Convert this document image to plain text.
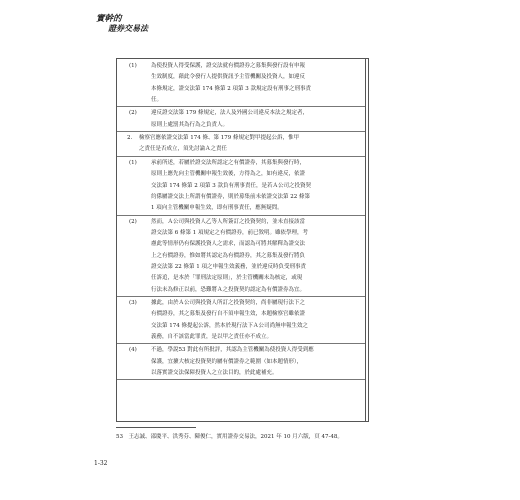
實幹的
證券交易法
(1)	為使投資人得受保護，證交法就有價證券之募集與發行設有申報
生效制度，藉此令發行人提供資訊予主管機關及投資人，如違反
本條規定，證交法第 174 條第 2 項第 3 款規定設有刑事之刑事責
任。
(2)	違反證交法第 179 條規定，法人及外國公司違反本法之規定者，
原則上處罰其為行為之負責人。
2. 檢察官應依證交法第 174 條、第 179 條規定對甲提起公訴，惟甲
之責任是否成立，須先討論Ａ之責任
(1)	承前所述，若屬於證交法所認定之有價證券，其募集與發行時，
原則上應先向主管機關申報生效後，方得為之，如有違反，依證
交法第 174 條第 2 項第 3 款負有刑事責任，是若Ａ公司之投資契
約係屬證交法上所謂有價證券，則於募集前未依證交法第 22 條第
1 項向主管機關申報生效，即有刑事責任，應無疑問。
(2)	然而，Ａ公司與投資人乙等人所簽訂之投資契約，並未直接該當
證交法第 6 條第 1 項規定之有價證券，前已敘明。雖依學理，考
慮此等情形仍有保護投資人之需求，而認為可將其解釋為證交法
上之有價證券，惟如將其認定為有價證券，其之募集及發行將負
證交法第 22 條第 1 項之申報生效義務，並於違反時負受刑事責
任訴追，是本於「罪刑法定原則」，於主管機關未為核定，或現
行法未為修正以前，恐難將Ａ之投資契約認定為有價證券為宜。
(3)	據此，由於Ａ公司與投資人所訂之投資契約，尚非屬現行法下之
有價證券，其之募集及發行自不須申報生效，本題檢察官雖依證
交法第 174 條提起公訴，然本於現行法下Ａ公司尚無申報生效之
義務，自不該當此罪責，是以甲之責任亦不成立。
(4)	不過，學說53 對此有所批評，其認為主管機關為使投資人得受到應
保護，宜擴大核定投資契約屬有價證券之範圍（如本題情形），
以落實證交法保障投資人之立法目的，於此處補充。
53　王志誠、邵慶平、洪秀芬、陳俊仁，實用證券交易法，2021 年 10 月六版，頁 47-48。
1-32
